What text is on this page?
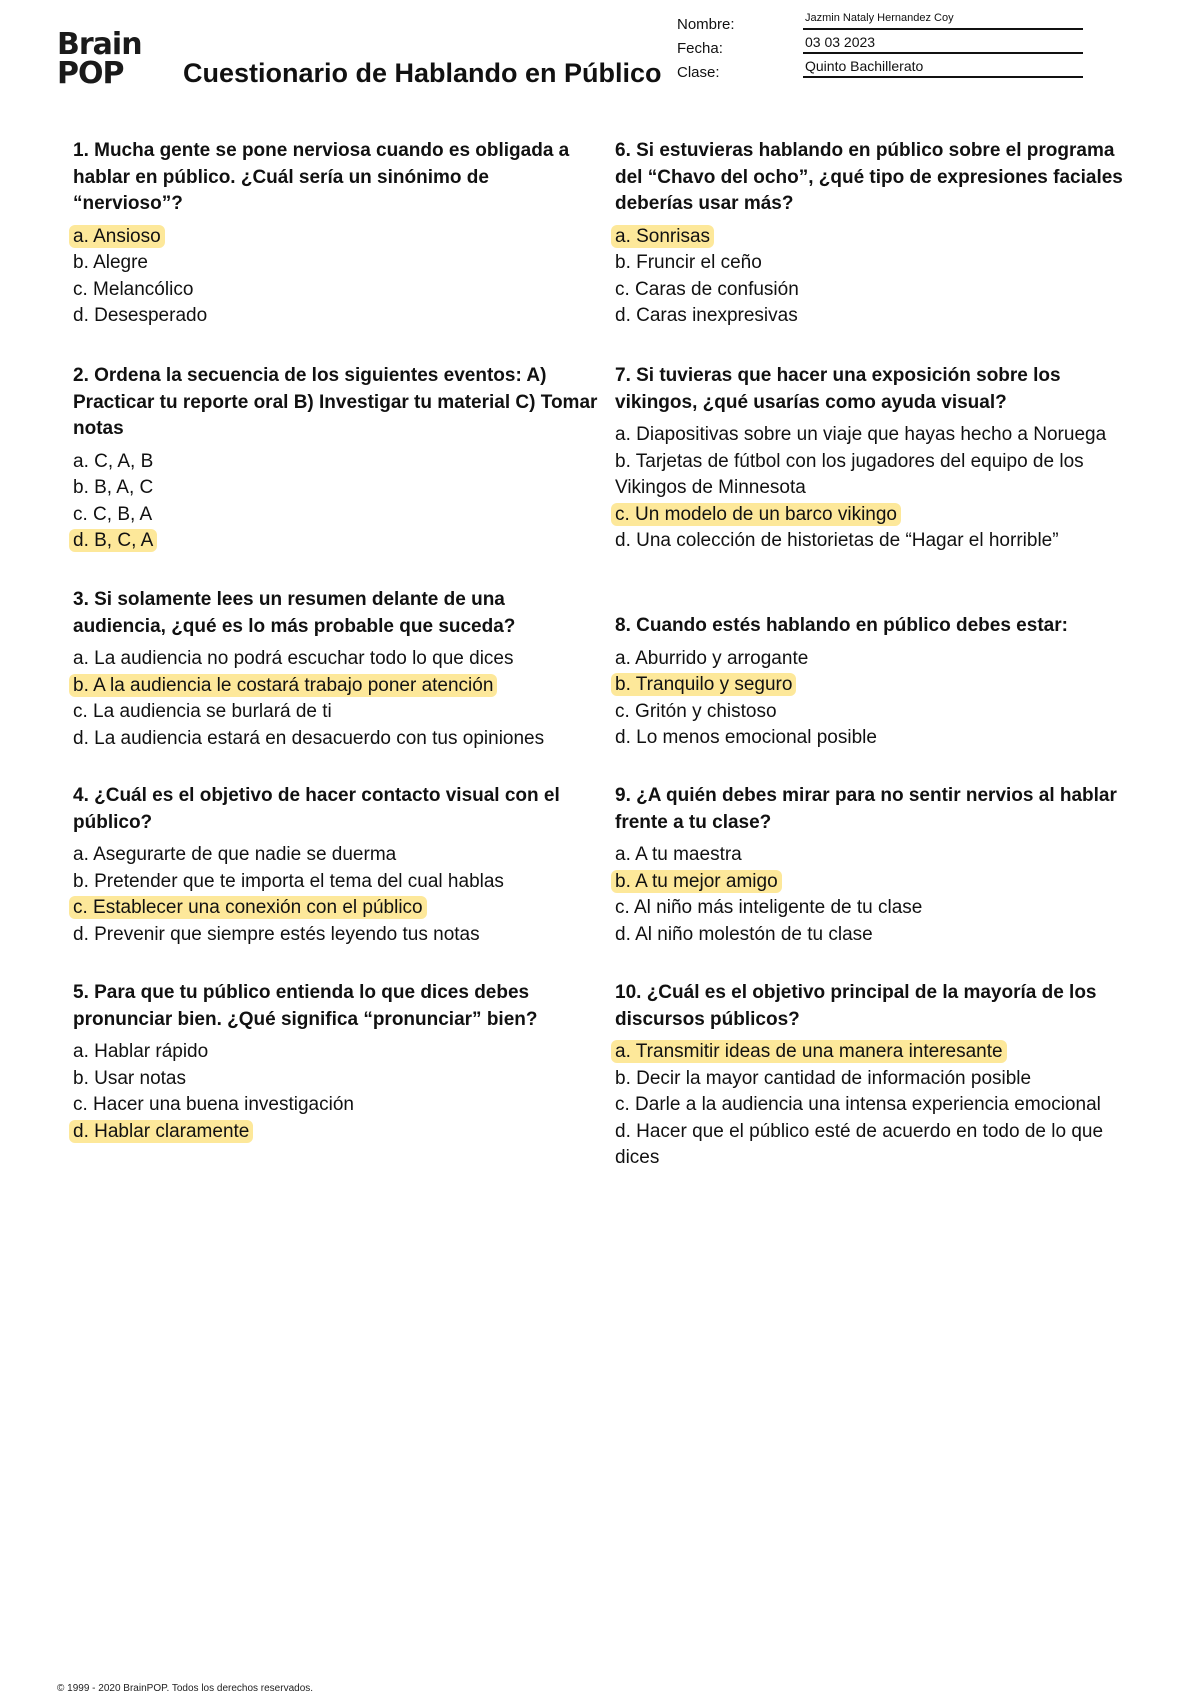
Brain
POP	Cuestionario de Hablando en Público
Nombre:	Jazmin Nataly Hernandez Coy
Fecha:	03 03 2023
Clase:	Quinto Bachillerato
1. Mucha gente se pone nerviosa cuando es obligada a hablar en público. ¿Cuál sería un sinónimo de “nervioso”?
a. Ansioso
b. Alegre
c. Melancólico
d. Desesperado
2. Ordena la secuencia de los siguientes eventos: A) Practicar tu reporte oral B) Investigar tu material C) Tomar notas
a. C, A, B
b. B, A, C
c. C, B, A
d. B, C, A
3. Si solamente lees un resumen delante de una audiencia, ¿qué es lo más probable que suceda?
a. La audiencia no podrá escuchar todo lo que dices
b. A la audiencia le costará trabajo poner atención
c. La audiencia se burlará de ti
d. La audiencia estará en desacuerdo con tus opiniones
4. ¿Cuál es el objetivo de hacer contacto visual con el público?
a. Asegurarte de que nadie se duerma
b. Pretender que te importa el tema del cual hablas
c. Establecer una conexión con el público
d. Prevenir que siempre estés leyendo tus notas
5. Para que tu público entienda lo que dices debes pronunciar bien. ¿Qué significa “pronunciar” bien?
a. Hablar rápido
b. Usar notas
c. Hacer una buena investigación
d. Hablar claramente
6. Si estuvieras hablando en público sobre el programa del “Chavo del ocho”, ¿qué tipo de expresiones faciales deberías usar más?
a. Sonrisas
b. Fruncir el ceño
c. Caras de confusión
d. Caras inexpresivas
7. Si tuvieras que hacer una exposición sobre los vikingos, ¿qué usarías como ayuda visual?
a. Diapositivas sobre un viaje que hayas hecho a Noruega
b. Tarjetas de fútbol con los jugadores del equipo de los Vikingos de Minnesota
c. Un modelo de un barco vikingo
d. Una colección de historietas de “Hagar el horrible”
8. Cuando estés hablando en público debes estar:
a. Aburrido y arrogante
b. Tranquilo y seguro
c. Gritón y chistoso
d. Lo menos emocional posible
9. ¿A quién debes mirar para no sentir nervios al hablar frente a tu clase?
a. A tu maestra
b. A tu mejor amigo
c. Al niño más inteligente de tu clase
d. Al niño molestón de tu clase
10. ¿Cuál es el objetivo principal de la mayoría de los discursos públicos?
a. Transmitir ideas de una manera interesante
b. Decir la mayor cantidad de información posible
c. Darle a la audiencia una intensa experiencia emocional
d. Hacer que el público esté de acuerdo en todo de lo que dices
© 1999 - 2020 BrainPOP. Todos los derechos reservados.
